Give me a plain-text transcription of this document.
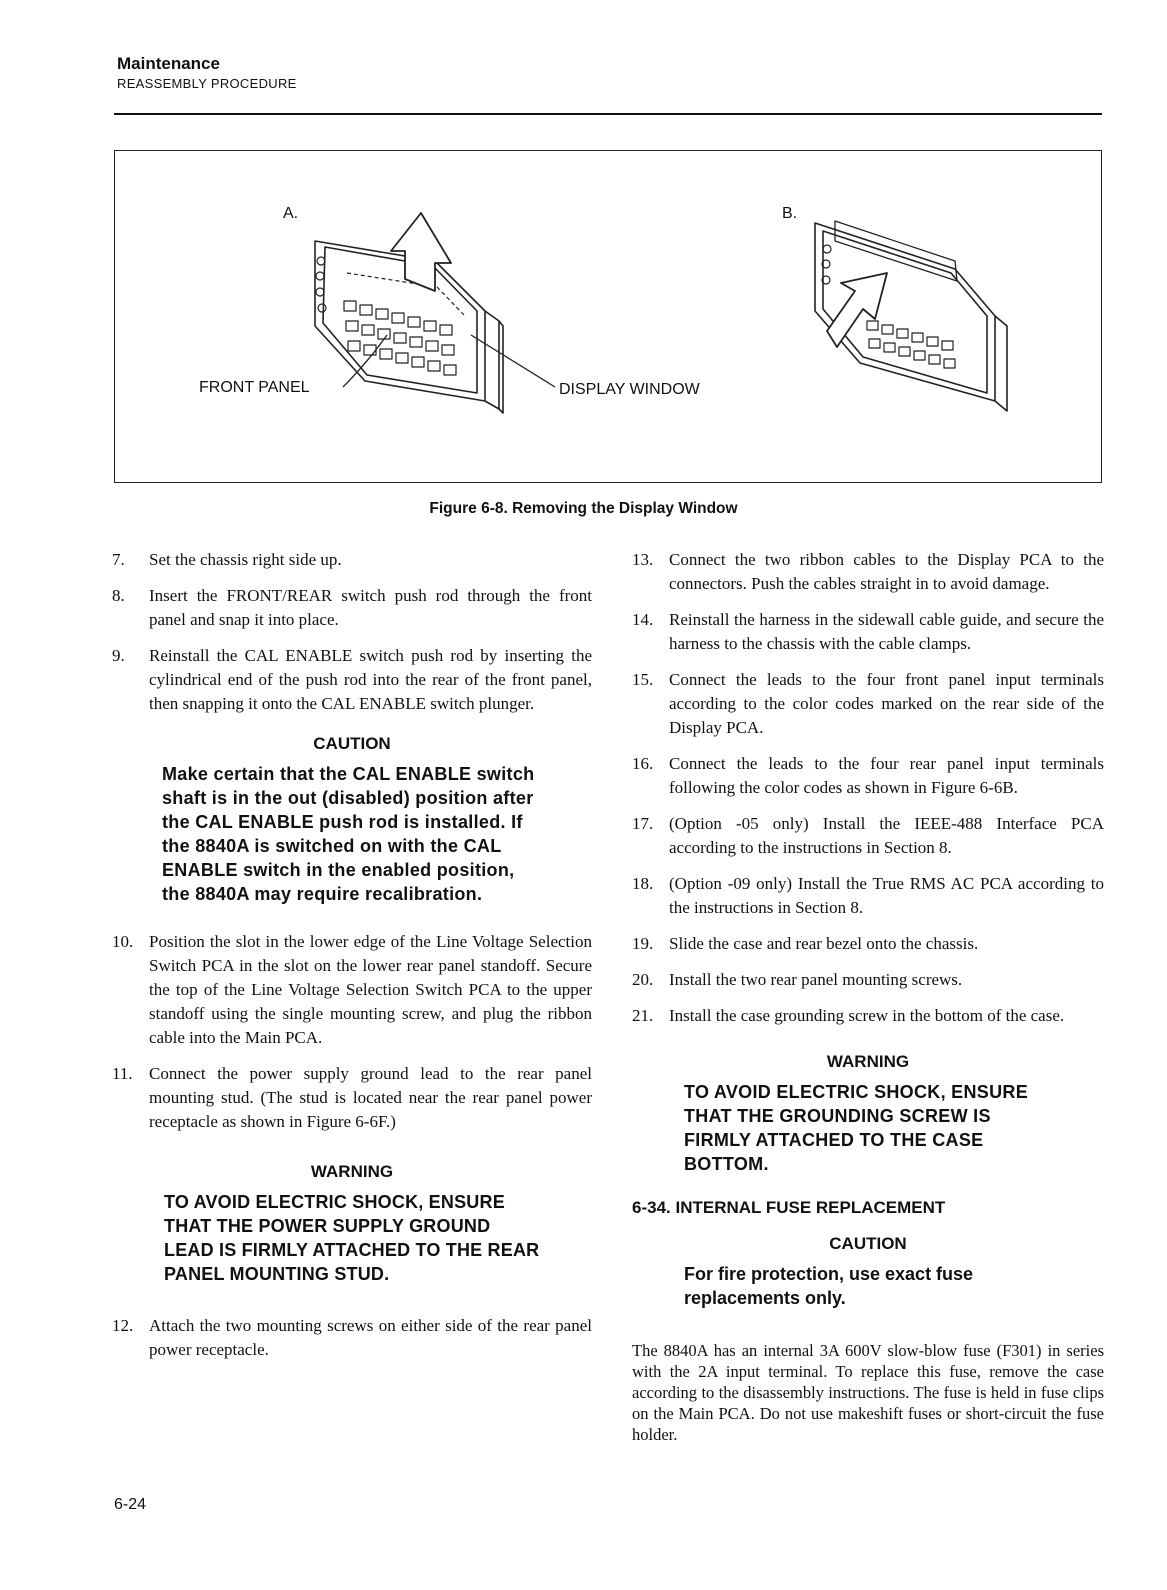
Maintenance
REASSEMBLY PROCEDURE
A.	B.
FRONT PANEL	DISPLAY WINDOW
Figure 6-8. Removing the Display Window
7.	Set the chassis right side up.
8.	Insert the FRONT/REAR switch push rod through the front panel and snap it into place.
9.	Reinstall the CAL ENABLE switch push rod by inserting the cylindrical end of the push rod into the rear of the front panel, then snapping it onto the CAL ENABLE switch plunger.
CAUTION
Make certain that the CAL ENABLE switch shaft is in the out (disabled) position after the CAL ENABLE push rod is installed. If the 8840A is switched on with the CAL ENABLE switch in the enabled position, the 8840A may require recalibration.
10. Position the slot in the lower edge of the Line Voltage Selection Switch PCA in the slot on the lower rear panel standoff. Secure the top of the Line Voltage Selection Switch PCA to the upper standoff using the single mounting screw, and plug the ribbon cable into the Main PCA.
11. Connect the power supply ground lead to the rear panel mounting stud. (The stud is located near the rear panel power receptacle as shown in Figure 6-6F.)
WARNING
TO AVOID ELECTRIC SHOCK, ENSURE THAT THE POWER SUPPLY GROUND LEAD IS FIRMLY ATTACHED TO THE REAR PANEL MOUNTING STUD.
12. Attach the two mounting screws on either side of the rear panel power receptacle.
13. Connect the two ribbon cables to the Display PCA to the connectors. Push the cables straight in to avoid damage.
14. Reinstall the harness in the sidewall cable guide, and secure the harness to the chassis with the cable clamps.
15. Connect the leads to the four front panel input terminals according to the color codes marked on the rear side of the Display PCA.
16. Connect the leads to the four rear panel input terminals following the color codes as shown in Figure 6-6B.
17. (Option -05 only) Install the IEEE-488 Interface PCA according to the instructions in Section 8.
18. (Option -09 only) Install the True RMS AC PCA according to the instructions in Section 8.
19. Slide the case and rear bezel onto the chassis.
20. Install the two rear panel mounting screws.
21. Install the case grounding screw in the bottom of the case.
WARNING
TO AVOID ELECTRIC SHOCK, ENSURE THAT THE GROUNDING SCREW IS FIRMLY ATTACHED TO THE CASE BOTTOM.
6-34. INTERNAL FUSE REPLACEMENT
CAUTION
For fire protection, use exact fuse replacements only.
The 8840A has an internal 3A 600V slow-blow fuse (F301) in series with the 2A input terminal. To replace this fuse, remove the case according to the disassembly instructions. The fuse is held in fuse clips on the Main PCA. Do not use makeshift fuses or short-circuit the fuse holder.
6-24
